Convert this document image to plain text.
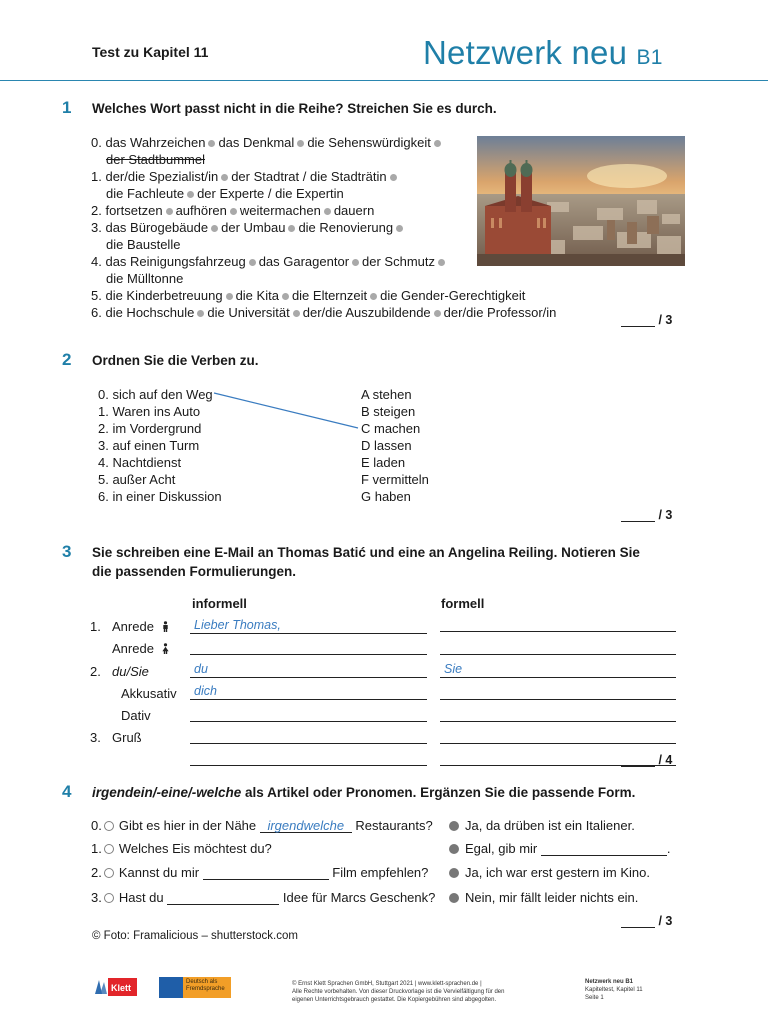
Test zu Kapitel 11	Netzwerk neu B1
1 Welches Wort passt nicht in die Reihe? Streichen Sie es durch.
0. das Wahrzeichen das Denkmal die Sehenswürdigkeit
der Stadtbummel
1. der/die Spezialist/in der Stadtrat / die Stadträtin
die Fachleute der Experte / die Expertin
2. fortsetzen aufhören weitermachen dauern
3. das Bürogebäude der Umbau die Renovierung
die Baustelle
4. das Reinigungsfahrzeug das Garagentor der Schmutz
die Mülltonne
5. die Kinderbetreuung die Kita die Elternzeit die Gender-Gerechtigkeit
6. die Hochschule die Universität der/die Auszubildende der/die Professor/in	/ 3
2 Ordnen Sie die Verben zu.
0. sich auf den Weg
1. Waren ins Auto
2. im Vordergrund
3. auf einen Turm
4. Nachtdienst
5. außer Acht
6. in einer Diskussion
A stehen
B steigen
C machen
D lassen
E laden
F vermitteln
G haben
/ 3
3 Sie schreiben eine E-Mail an Thomas Batić und eine an Angelina Reiling. Notieren Sie
die passenden Formulierungen.
informell	formell
1. Anrede	Lieber Thomas,
Anrede
2. du/Sie	du	Sie
Akkusativ dich
Dativ
3. Gruß
/ 4
4 irgendein/-eine/-welche als Artikel oder Pronomen. Ergänzen Sie die passende Form.
0. Gibt es hier in der Nähe irgendwelche Restaurants?	Ja, da drüben ist ein Italiener.
1. Welches Eis möchtest du?	Egal, gib mir	.
2. Kannst du mir	Film empfehlen?	Ja, ich war erst gestern im Kino.
3. Hast du	Idee für Marcs Geschenk?	Nein, mir fällt leider nichts ein.
/ 3
© Foto: Framalicious – shutterstock.com
Klett
Deutsch als
Fremdsprache
© Ernst Klett Sprachen GmbH, Stuttgart 2021 | www.klett-sprachen.de |
Alle Rechte vorbehalten. Von dieser Druckvorlage ist die Vervielfältigung für den
eigenen Unterrichtsgebrauch gestattet. Die Kopiergebühren sind abgegolten.
Netzwerk neu B1
Kapiteltest, Kapitel 11
Seite 1
